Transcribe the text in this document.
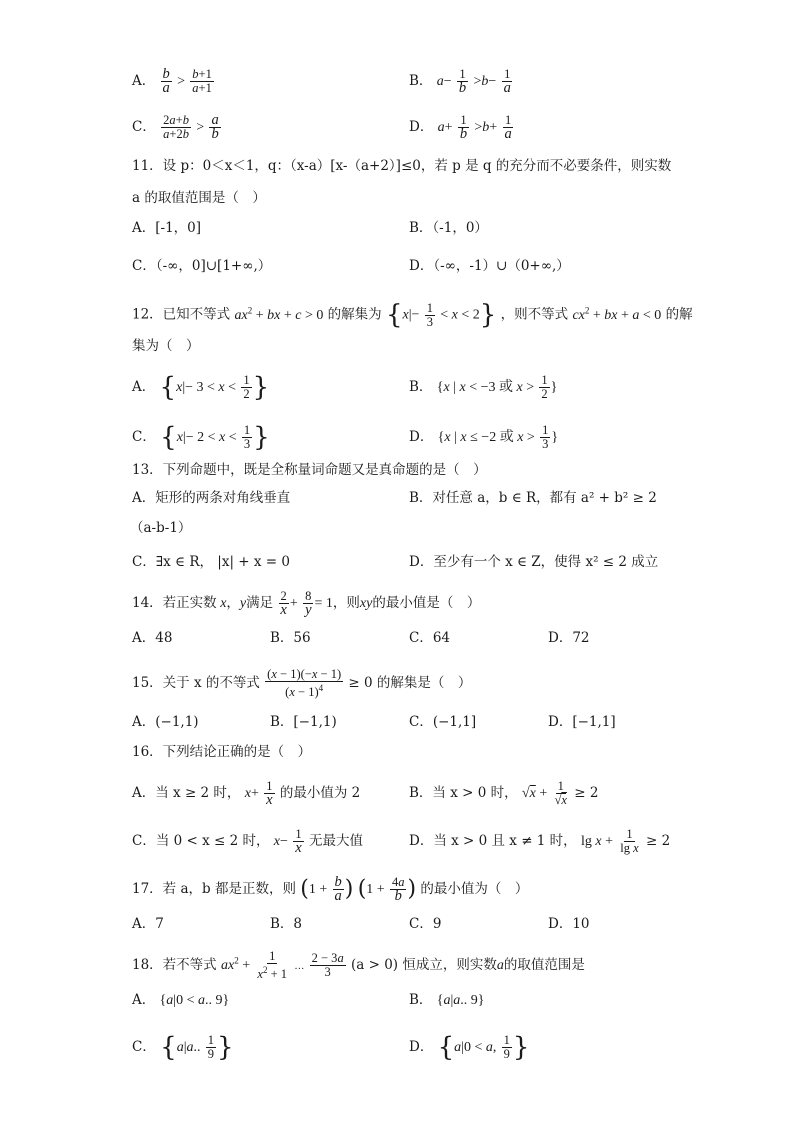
A． $\frac{b}{a} > \frac{b+1}{a+1}$	B． $a- \frac{1}{b} >b- \frac{1}{a}$
C． $\frac{2a+b}{a+2b} > \frac{a}{b}$	D． $a+ \frac{1}{b} >b+ \frac{1}{a}$
11．设 p：0＜x＜1，q：（x-a）[x-（a+2）]≤0，若 p 是 q 的充分而不必要条件，则实数
a 的取值范围是（　）
A．[-1，0]	B．（-1，0）
C．（-∞，0]∪[1+∞,）	D．（-∞，-1）∪（0+∞,）
12．已知不等式 $ax^2$ + bx + c > 0 的解集为 $\{x|- \frac{1}{3} < x < 2\}$ ，则不等式 $cx^2$ + bx + a < 0 的解
集为（　）
A． {$x|- 3 < x < \frac{1}{2}$ }	B． {x | x < −3 或 $x > \frac{1}{2}$ }
C． {$x|- 2 < x < \frac{1}{3}$ }	D． {x | x ≤ −2 或 $x > \frac{1}{3}$ }
13．下列命题中，既是全称量词命题又是真命题的是（　）
A．矩形的两条对角线垂直	B．对任意 a，b ∈ R，都有 a² + b² ≥ 2
（a-b-1）
C．∃x ∈ R， |x| + x = 0	D．至少有一个 x ∈ Z，使得 x² ≤ 2 成立
14．若正实数 x，y满足 $\frac{2}{x} + \frac{8}{y} = 1$，则xy的最小值是（　）
A．48	B．56	C．64	D．72
15．关于 x 的不等式 $\frac{(x - 1)(-x - 1)}{(x - 1)^4} \ge 0$ 的解集是（　）
A．(−1,1)	B．[−1,1)	C．(−1,1]	D．[−1,1]
16．下列结论正确的是（　）
A．当 x ≥ 2 时， $x+ \frac{1}{x}$ 的最小值为 2	B．当 x > 0 时， $√x + \frac{1}{√x} \ge 2$
C．当 0 < x ≤ 2 时， $x- \frac{1}{x}$ 无最大值	D．当 x > 0 且 x ≠ 1 时， $\lg x + \frac{1}{\text{lg x}} \ge 2$
17．若 a，b 都是正数，则 ($1 + \frac{b}{a}$ ) ($1 + \frac{4a}{b}$ ) 的最小值为（　）
A．7	B．8	C．9	D．10
18．若不等式 $ax^2 + \frac{1}{x^2 + 1}$ … $\frac{2 - 3a}{3} (a > 0)$ 恒成立，则实数a的取值范围是
A． {a|0 < a.. 9}	B． {a|a.. 9}
C． {a|a.. $\frac{1}{9}$ }	D． {a|0 < a, $\frac{1}{9}$ }
